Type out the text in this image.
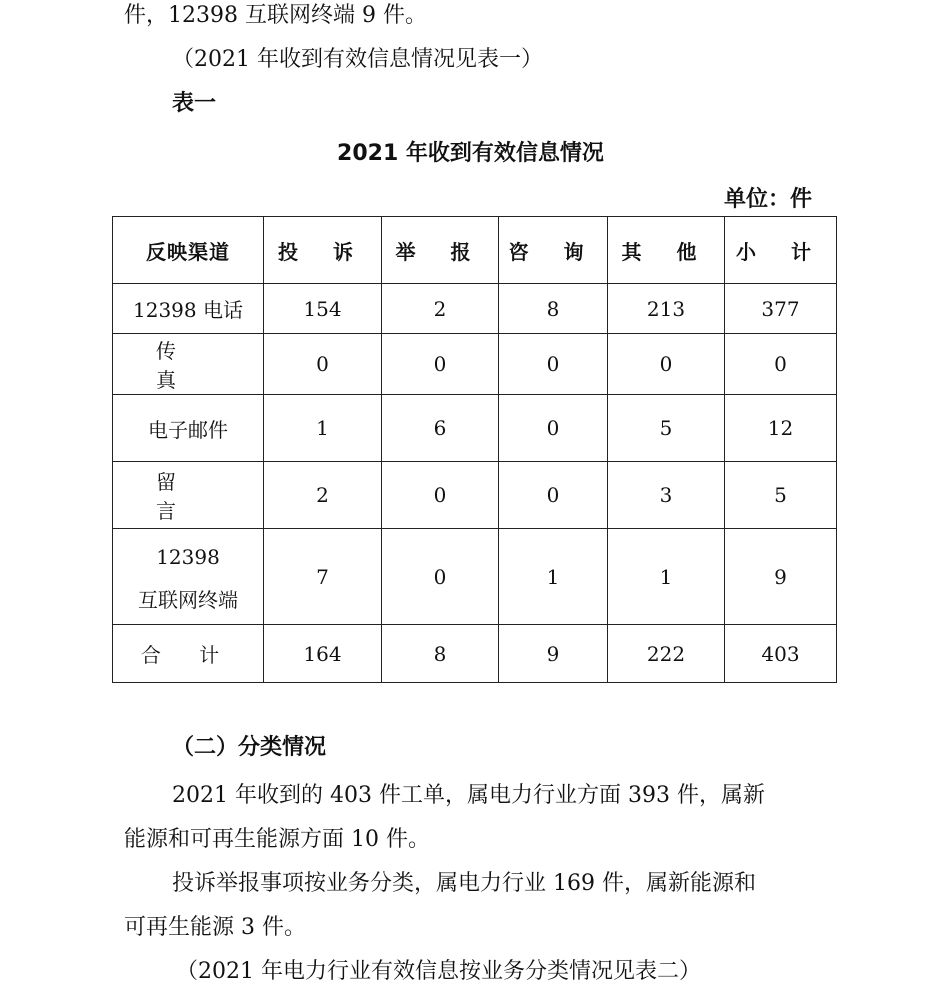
件，12398 互联网终端 9 件。
（2021 年收到有效信息情况见表一）
表一
2021 年收到有效信息情况
单位：件
反映渠道	投 诉	举 报	咨 询	其 他	小 计
12398 电话	154	2	8	213	377
传 真	0	0	0	0	0
电子邮件	1	6	0	5	12
留 言	2	0	0	3	5

12398
互联网终端	7	0	1	1	9
合 计	164	8	9	222	403
（二）分类情况
2021 年收到的 403 件工单，属电力行业方面 393 件，属新
能源和可再生能源方面 10 件。
投诉举报事项按业务分类，属电力行业 169 件，属新能源和
可再生能源 3 件。
（2021 年电力行业有效信息按业务分类情况见表二）
